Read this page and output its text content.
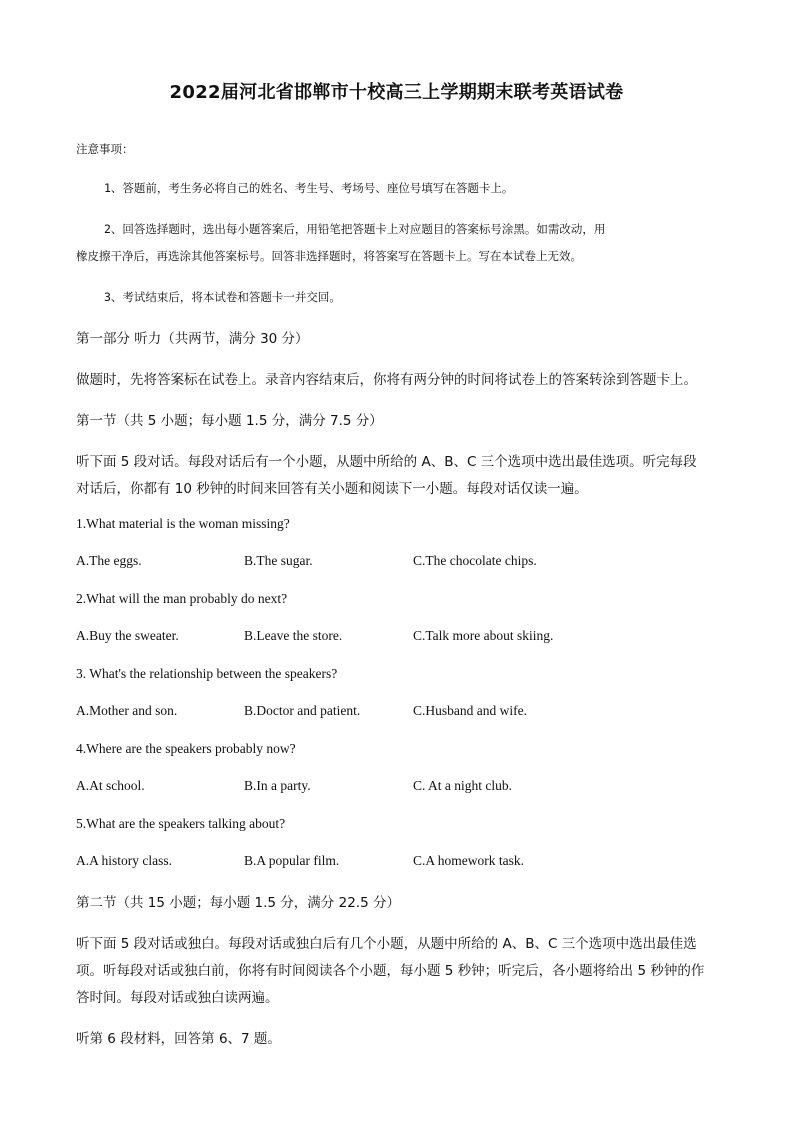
2022届河北省邯郸市十校高三上学期期末联考英语试卷
注意事项：
1、答题前，考生务必将自己的姓名、考生号、考场号、座位号填写在答题卡上。
2、回答选择题时，选出每小题答案后，用铅笔把答题卡上对应题目的答案标号涂黑。如需改动，用
橡皮擦干净后，再选涂其他答案标号。回答非选择题时，将答案写在答题卡上。写在本试卷上无效。
3、考试结束后，将本试卷和答题卡一并交回。
第一部分 听力（共两节，满分 30 分）
做题时，先将答案标在试卷上。录音内容结束后，你将有两分钟的时间将试卷上的答案转涂到答题卡上。
第一节（共 5 小题；每小题 1.5 分，满分 7.5 分）
听下面 5 段对话。每段对话后有一个小题，从题中所给的 A、B、C 三个选项中选出最佳选项。听完每段
对话后，你都有 10 秒钟的时间来回答有关小题和阅读下一小题。每段对话仅读一遍。
1.What material is the woman missing?
A.The eggs.	B.The sugar.	C.The chocolate chips.
2.What will the man probably do next?
A.Buy the sweater.	B.Leave the store.	C.Talk more about skiing.
3. What's the relationship between the speakers?
A.Mother and son.	B.Doctor and patient.	C.Husband and wife.
4.Where are the speakers probably now?
A.At school.	B.In a party.	C. At a night club.
5.What are the speakers talking about?
A.A history class.	B.A popular film.	C.A homework task.
第二节（共 15 小题；每小题 1.5 分，满分 22.5 分）
听下面 5 段对话或独白。每段对话或独白后有几个小题，从题中所给的 A、B、C 三个选项中选出最佳选
项。听每段对话或独白前，你将有时间阅读各个小题，每小题 5 秒钟；听完后，各小题将给出 5 秒钟的作
答时间。每段对话或独白读两遍。
听第 6 段材料，回答第 6、7 题。
